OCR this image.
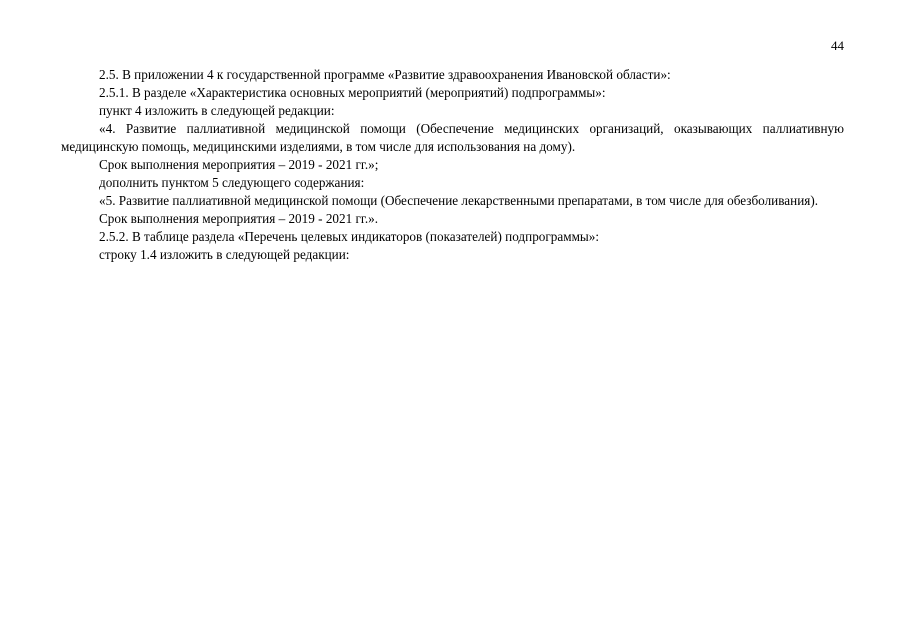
44

2.5. В приложении 4 к государственной программе «Развитие здравоохранения Ивановской области»:

2.5.1. В разделе «Характеристика основных мероприятий (мероприятий) подпрограммы»:

пункт 4 изложить в следующей редакции:

«4. Развитие паллиативной медицинской помощи (Обеспечение медицинских организаций, оказывающих паллиативную медицинскую помощь, медицинскими изделиями, в том числе для использования на дому).

Срок выполнения мероприятия – 2019 - 2021 гг.»;

дополнить пунктом 5 следующего содержания:

«5. Развитие паллиативной медицинской помощи (Обеспечение лекарственными препаратами, в том числе для обезболивания).

Срок выполнения мероприятия – 2019 - 2021 гг.».

2.5.2. В таблице раздела «Перечень целевых индикаторов (показателей) подпрограммы»:

строку 1.4 изложить в следующей редакции:
